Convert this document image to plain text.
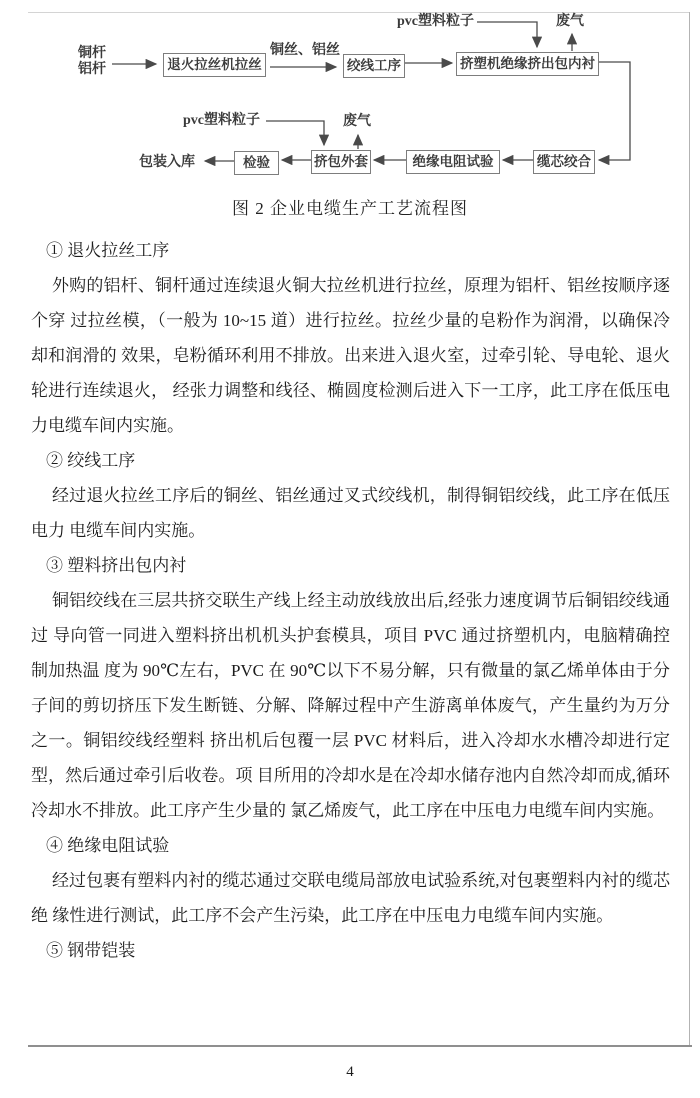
铜杆
铝杆	退火拉丝机拉丝
铜丝、铝丝
绞线工序
pvc塑料粒子	废气
挤塑机绝缘挤出包内衬
pvc塑料粒子	废气
缆芯绞合
绝缘电阻试验
挤包外套
检验
包装入库
图 2 企业电缆生产工艺流程图
① 退火拉丝工序

外购的铝杆、铜杆通过连续退火铜大拉丝机进行拉丝，原理为铝杆、铝丝按顺序逐个穿 过拉丝模，（一般为 10~15 道）进行拉丝。拉丝少量的皂粉作为润滑，以确保冷却和润滑的 效果，皂粉循环利用不排放。出来进入退火室，过牵引轮、导电轮、退火轮进行连续退火， 经张力调整和线径、椭圆度检测后进入下一工序，此工序在低压电力电缆车间内实施。

② 绞线工序

经过退火拉丝工序后的铜丝、铝丝通过叉式绞线机，制得铜铝绞线，此工序在低压电力 电缆车间内实施。

③ 塑料挤出包内衬

铜铝绞线在三层共挤交联生产线上经主动放线放出后,经张力速度调节后铜铝绞线通过 导向管一同进入塑料挤出机机头护套模具，项目 PVC 通过挤塑机内，电脑精确控制加热温 度为 90℃左右，PVC 在 90℃以下不易分解，只有微量的氯乙烯单体由于分子间的剪切挤压下发生断链、分解、降解过程中产生游离单体废气，产生量约为万分之一。铜铝绞线经塑料 挤出机后包覆一层 PVC 材料后，进入冷却水水槽冷却进行定型，然后通过牵引后收卷。项 目所用的冷却水是在冷却水储存池内自然冷却而成,循环冷却水不排放。此工序产生少量的 氯乙烯废气，此工序在中压电力电缆车间内实施。

④ 绝缘电阻试验

经过包裹有塑料内衬的缆芯通过交联电缆局部放电试验系统,对包裹塑料内衬的缆芯绝 缘性进行测试，此工序不会产生污染，此工序在中压电力电缆车间内实施。

⑤ 钢带铠装
4
